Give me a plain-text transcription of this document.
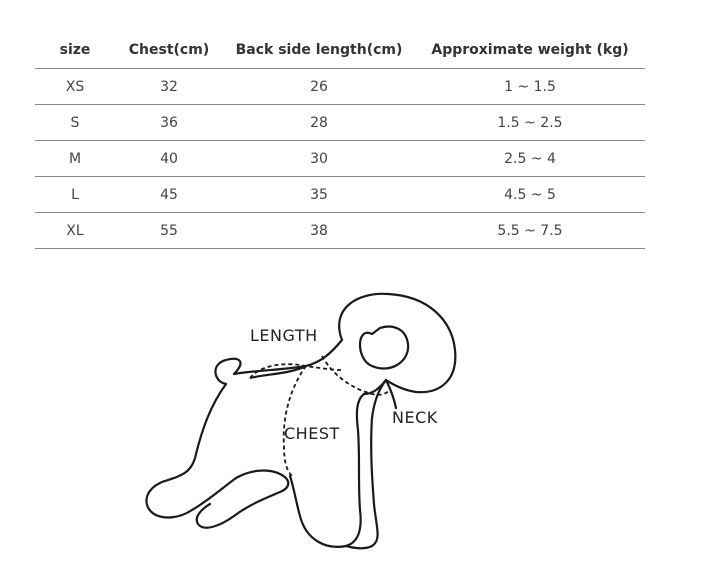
size	Chest(cm)	Back side length(cm)	Approximate weight (kg)
XS	32	26	1 ~ 1.5
S	36	28	1.5 ~ 2.5
M	40	30	2.5 ~ 4
L	45	35	4.5 ~ 5
XL	55	38	5.5 ~ 7.5
LENGTH
CHEST
NECK
